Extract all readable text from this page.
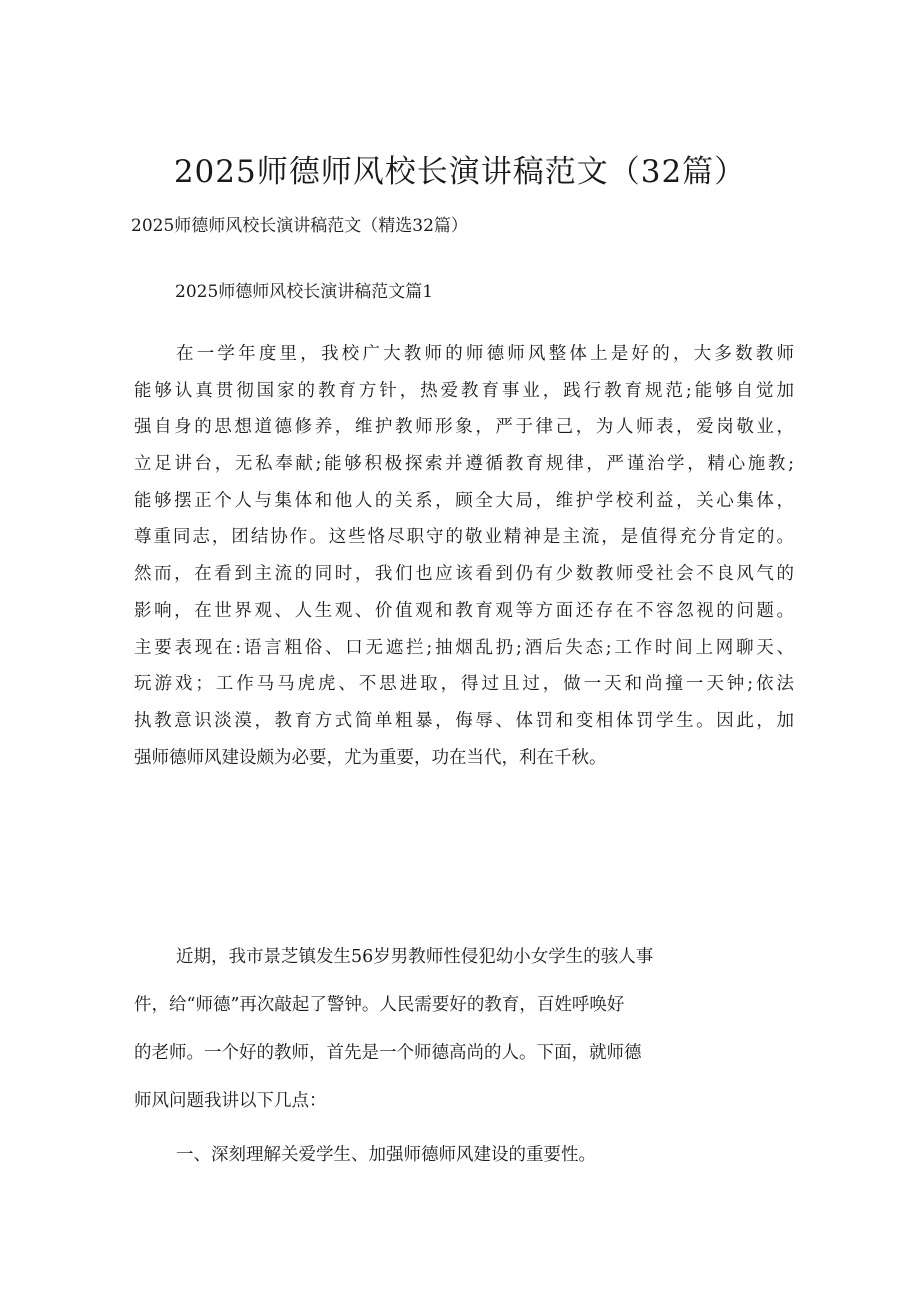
2025师德师风校长演讲稿范文（32篇）
2025师德师风校长演讲稿范文（精选32篇）
2025师德师风校长演讲稿范文篇1
在一学年度里，我校广大教师的师德师风整体上是好的，大多数教师
能够认真贯彻国家的教育方针，热爱教育事业，践行教育规范;能够自觉加
强自身的思想道德修养，维护教师形象，严于律己，为人师表，爱岗敬业，
立足讲台，无私奉献;能够积极探索并遵循教育规律，严谨治学，精心施教;
能够摆正个人与集体和他人的关系，顾全大局，维护学校利益，关心集体，
尊重同志，团结协作。这些恪尽职守的敬业精神是主流，是值得充分肯定的。
然而，在看到主流的同时，我们也应该看到仍有少数教师受社会不良风气的
影响，在世界观、人生观、价值观和教育观等方面还存在不容忽视的问题。
主要表现在:语言粗俗、口无遮拦;抽烟乱扔;酒后失态;工作时间上网聊天、
玩游戏；工作马马虎虎、不思进取，得过且过，做一天和尚撞一天钟;依法
执教意识淡漠，教育方式简单粗暴，侮辱、体罚和变相体罚学生。因此，加
强师德师风建设颇为必要，尤为重要，功在当代，利在千秋。
近期，我市景芝镇发生56岁男教师性侵犯幼小女学生的骇人事
件，给“师德”再次敲起了警钟。人民需要好的教育，百姓呼唤好
的老师。一个好的教师，首先是一个师德高尚的人。下面，就师德
师风问题我讲以下几点：
一、深刻理解关爱学生、加强师德师风建设的重要性。
